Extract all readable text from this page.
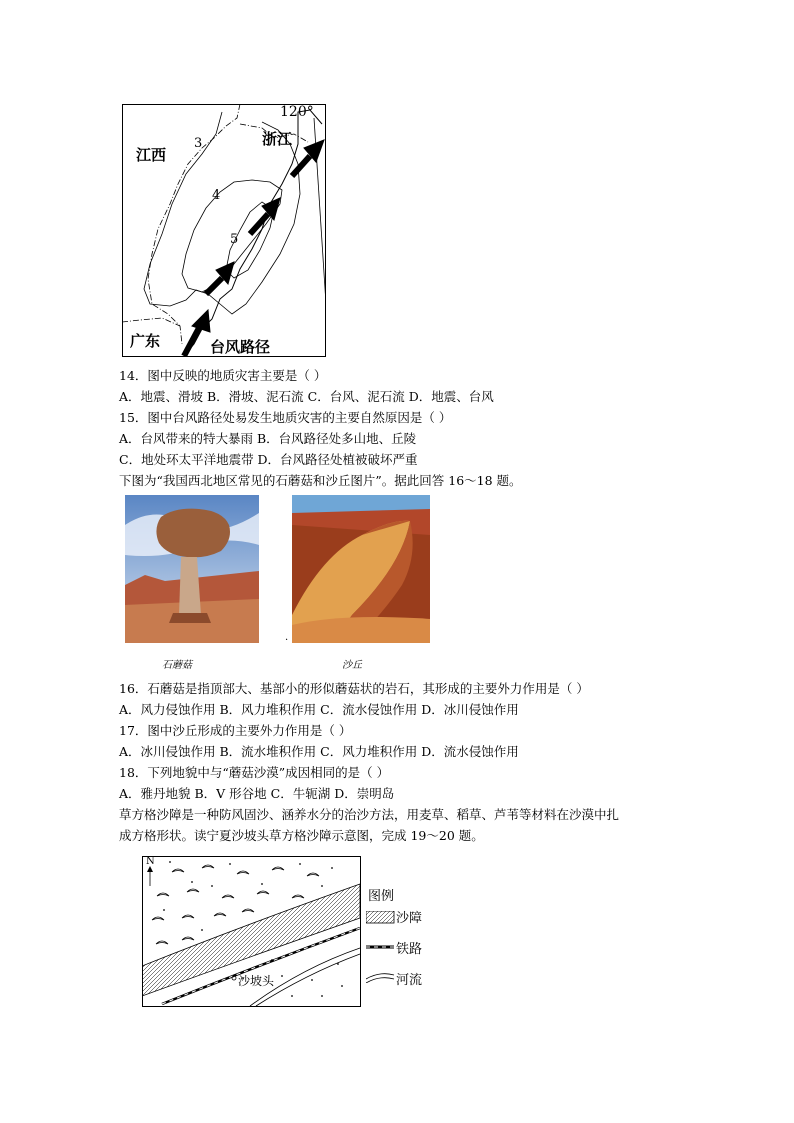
江西
浙江
广东	台风路径
120°
3
4
5
14．图中反映的地质灾害主要是（ ）
A．地震、滑坡 B．滑坡、泥石流 C．台风、泥石流 D．地震、台风
15．图中台风路径处易发生地质灾害的主要自然原因是（ ）
A．台风带来的特大暴雨 B．台风路径处多山地、丘陵
C．地处环太平洋地震带 D．台风路径处植被破坏严重
下图为“我国西北地区常见的石蘑菇和沙丘图片”。据此回答 16～18 题。
.
石蘑菇	沙丘
16．石蘑菇是指顶部大、基部小的形似蘑菇状的岩石，其形成的主要外力作用是（ ）
A．风力侵蚀作用 B．风力堆积作用 C．流水侵蚀作用 D．冰川侵蚀作用
17．图中沙丘形成的主要外力作用是（ ）
A．冰川侵蚀作用 B．流水堆积作用 C．风力堆积作用 D．流水侵蚀作用
18．下列地貌中与“蘑菇沙漠”成因相同的是（ ）
A．雅丹地貌 B．V 形谷地 C．牛轭湖 D．崇明岛
草方格沙障是一种防风固沙、涵养水分的治沙方法，用麦草、稻草、芦苇等材料在沙漠中扎
成方格形状。读宁夏沙坡头草方格沙障示意图，完成 19～20 题。
N
沙坡头
图例
沙障
铁路
河流
